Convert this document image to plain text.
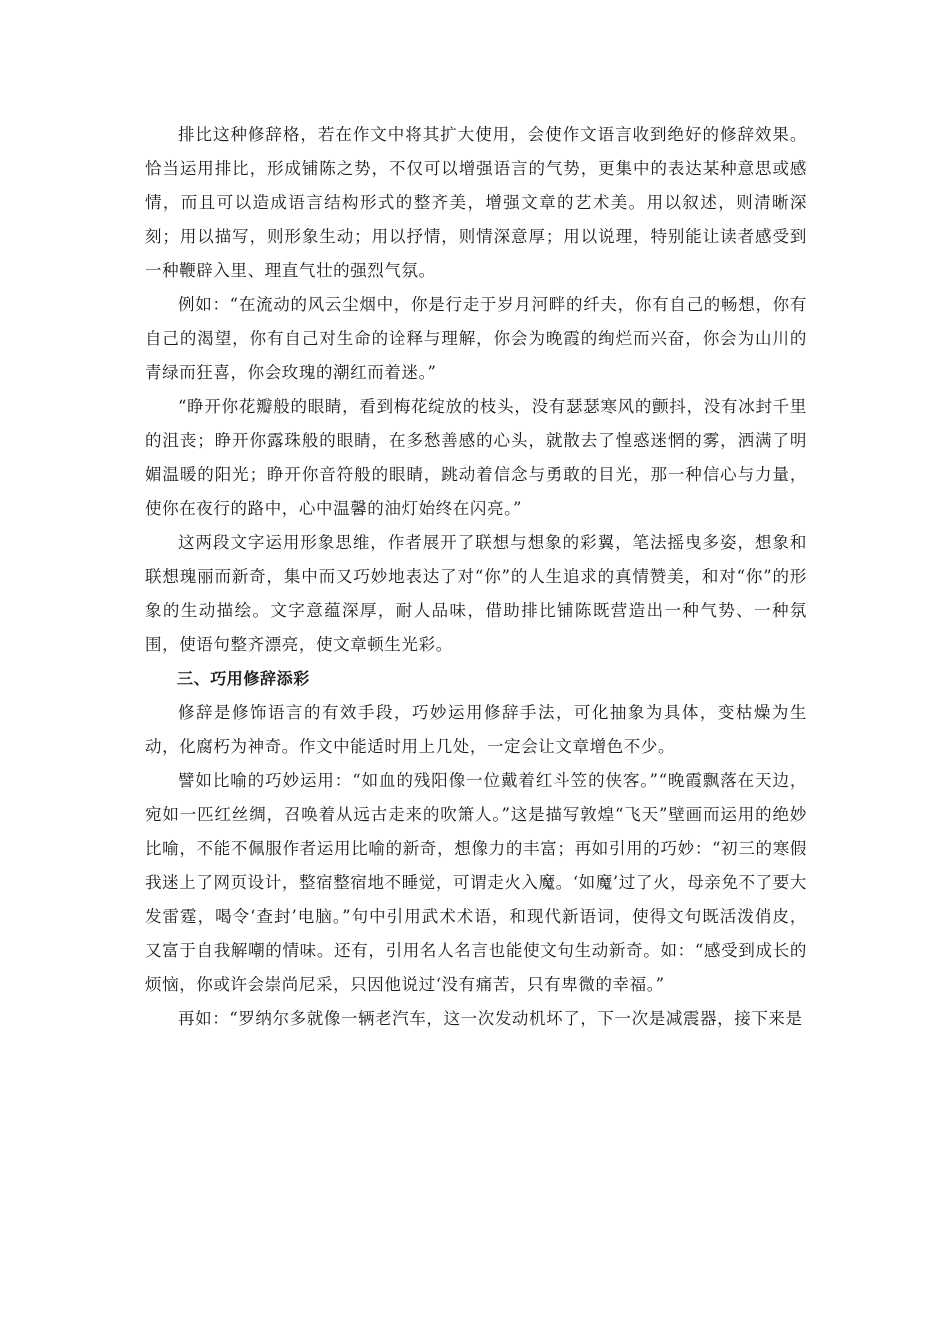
排比这种修辞格，若在作文中将其扩大使用，会使作文语言收到绝好的修辞效果。恰当运用排比，形成铺陈之势，不仅可以增强语言的气势，更集中的表达某种意思或感情，而且可以造成语言结构形式的整齐美，增强文章的艺术美。用以叙述，则清晰深刻；用以描写，则形象生动；用以抒情，则情深意厚；用以说理，特别能让读者感受到一种鞭辟入里、理直气壮的强烈气氛。

例如：“在流动的风云尘烟中，你是行走于岁月河畔的纤夫，你有自己的畅想，你有自己的渴望，你有自己对生命的诠释与理解，你会为晚霞的绚烂而兴奋，你会为山川的青绿而狂喜，你会玫瑰的潮红而着迷。”

“睁开你花瓣般的眼睛，看到梅花绽放的枝头，没有瑟瑟寒风的颤抖，没有冰封千里的沮丧；睁开你露珠般的眼睛，在多愁善感的心头，就散去了惶惑迷惘的雾，洒满了明媚温暖的阳光；睁开你音符般的眼睛，跳动着信念与勇敢的目光，那一种信心与力量，使你在夜行的路中，心中温馨的油灯始终在闪亮。”

这两段文字运用形象思维，作者展开了联想与想象的彩翼，笔法摇曳多姿，想象和联想瑰丽而新奇，集中而又巧妙地表达了对“你”的人生追求的真情赞美，和对“你”的形象的生动描绘。文字意蕴深厚，耐人品味，借助排比铺陈既营造出一种气势、一种氛围，使语句整齐漂亮，使文章顿生光彩。

三、巧用修辞添彩

修辞是修饰语言的有效手段，巧妙运用修辞手法，可化抽象为具体，变枯燥为生动，化腐朽为神奇。作文中能适时用上几处，一定会让文章增色不少。

譬如比喻的巧妙运用：“如血的残阳像一位戴着红斗笠的侠客。”“晚霞飘落在天边，宛如一匹红丝绸，召唤着从远古走来的吹箫人。”这是描写敦煌“飞天”壁画而运用的绝妙比喻，不能不佩服作者运用比喻的新奇，想像力的丰富；再如引用的巧妙：“初三的寒假我迷上了网页设计，整宿整宿地不睡觉，可谓走火入魔。‘如魔’过了火，母亲免不了要大发雷霆，喝令‘查封’电脑。”句中引用武术术语，和现代新语词，使得文句既活泼俏皮，又富于自我解嘲的情味。还有，引用名人名言也能使文句生动新奇。如：“感受到成长的烦恼，你或许会崇尚尼采，只因他说过‘没有痛苦，只有卑微的幸福。”

再如：“罗纳尔多就像一辆老汽车，这一次发动机坏了，下一次是减震器，接下来是
